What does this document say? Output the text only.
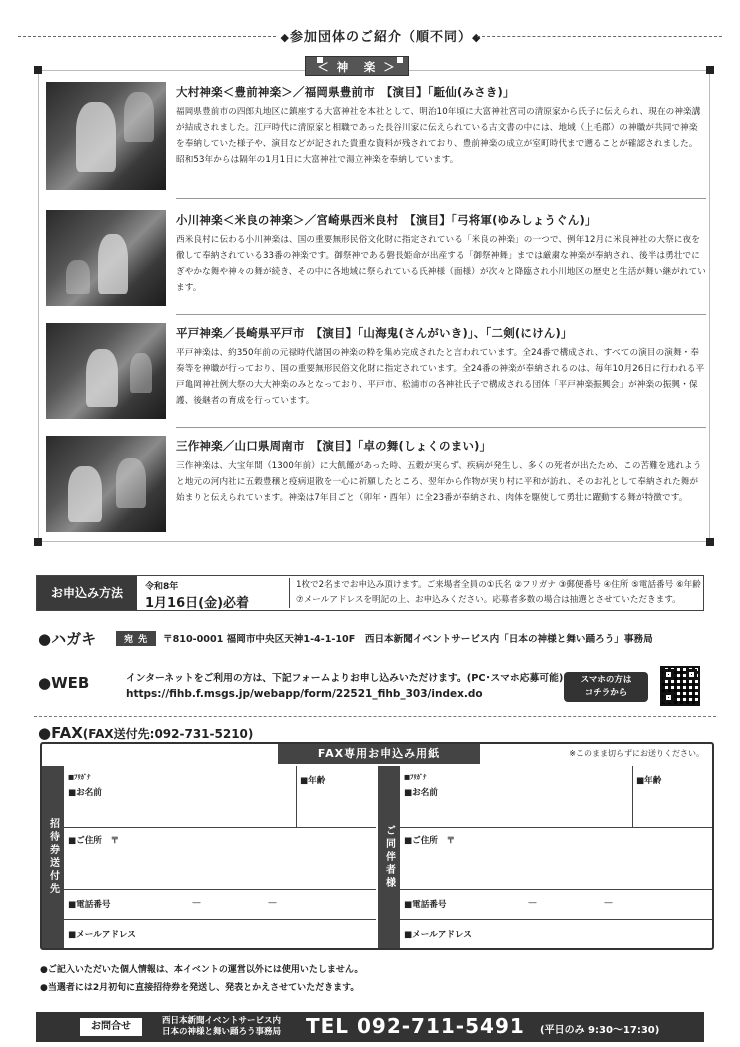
◆参加団体のご紹介（順不同）◆
＜ 神　楽 ＞
大村神楽＜豊前神楽＞／福岡県豊前市　【演目】「駈仙(みさき)」
福岡県豊前市の四郎丸地区に鎮座する大富神社を本社として、明治10年頃に大富神社宮司の清原家から氏子に伝えられ、現在の神楽講が結成されました。江戸時代に清原家と相職であった長谷川家に伝えられている古文書の中には、地域（上毛郡）の神職が共同で神楽を奉納していた様子や、演目などが記された貴重な資料が残されており、豊前神楽の成立が室町時代まで遡ることが確認されました。昭和53年からは隔年の1月1日に大富神社で湯立神楽を奉納しています。
小川神楽＜米良の神楽＞／宮崎県西米良村　【演目】「弓将軍(ゆみしょうぐん)」
西米良村に伝わる小川神楽は、国の重要無形民俗文化財に指定されている「米良の神楽」の一つで、例年12月に米良神社の大祭に夜を徹して奉納されている33番の神楽です。御祭神である磐長姫命が出産する「御祭神舞」までは厳粛な神楽が奉納され、後半は勇壮でにぎやかな舞や神々の舞が続き、その中に各地域に祭られている氏神様（面様）が次々と降臨され小川地区の歴史と生活が舞い継がれています。
平戸神楽／長崎県平戸市　【演目】「山海鬼(さんがいき)」、「二剣(にけん)」
平戸神楽は、約350年前の元禄時代諸国の神楽の粋を集め完成されたと言われています。全24番で構成され、すべての演目の演舞・奉奏等を神職が行っており、国の重要無形民俗文化財に指定されています。全24番の神楽が奉納されるのは、毎年10月26日に行われる平戸亀岡神社例大祭の大大神楽のみとなっており、平戸市、松浦市の各神社氏子で構成される団体「平戸神楽振興会」が神楽の振興・保護、後継者の育成を行っています。
三作神楽／山口県周南市　【演目】「卓の舞(しょくのまい)」
三作神楽は、大宝年間（1300年前）に大飢饉があった時、五穀が実らず、疾病が発生し、多くの死者が出たため、この苦難を逃れようと地元の河内社に五穀豊穣と疫病退散を一心に祈願したところ、翌年から作物が実り村に平和が訪れ、そのお礼として奉納された舞が始まりと伝えられています。神楽は7年目ごと（卯年・酉年）に全23番が奉納され、肉体を駆使して勇壮に躍動する舞が特徴です。
お申込み方法	令和8年
1月16日(金)必着
1枚で2名までお申込み頂けます。ご来場者全員の①氏名 ②フリガナ ③郵便番号 ④住所 ⑤電話番号 ⑥年齢 ⑦メールアドレスを明記の上、お申込みください。応募者多数の場合は抽選とさせていただきます。
●ハガキ	宛 先	〒810-0001 福岡市中央区天神1-4-1-10F　西日本新聞イベントサービス内「日本の神様と舞い踊ろう」事務局
●WEB	インターネットをご利用の方は、下記フォームよりお申し込みいただけます。(PC･スマホ応募可能)
https://fihb.f.msgs.jp/webapp/form/22521_fihb_303/index.do
スマホの方は
コチラから
●FAX(FAX送付先:092-731-5210)
FAX専用お申込み用紙	※このまま切らずにお送りください。
招待券送付先
■ﾌﾘｶﾞﾅ
■お名前
■年齢
■ご住所　〒
■電話番号	—	—
■メールアドレス
ご同伴者様
■ﾌﾘｶﾞﾅ
■お名前
■年齢
■ご住所　〒
■電話番号	—	—
■メールアドレス
●ご記入いただいた個人情報は、本イベントの運営以外には使用いたしません。
●当選者には2月初旬に直接招待券を発送し、発表とかえさせていただきます。
お問合せ	西日本新聞イベントサービス内
日本の神様と舞い踊ろう事務局 TEL 092-711-5491 (平日のみ 9:30〜17:30)
